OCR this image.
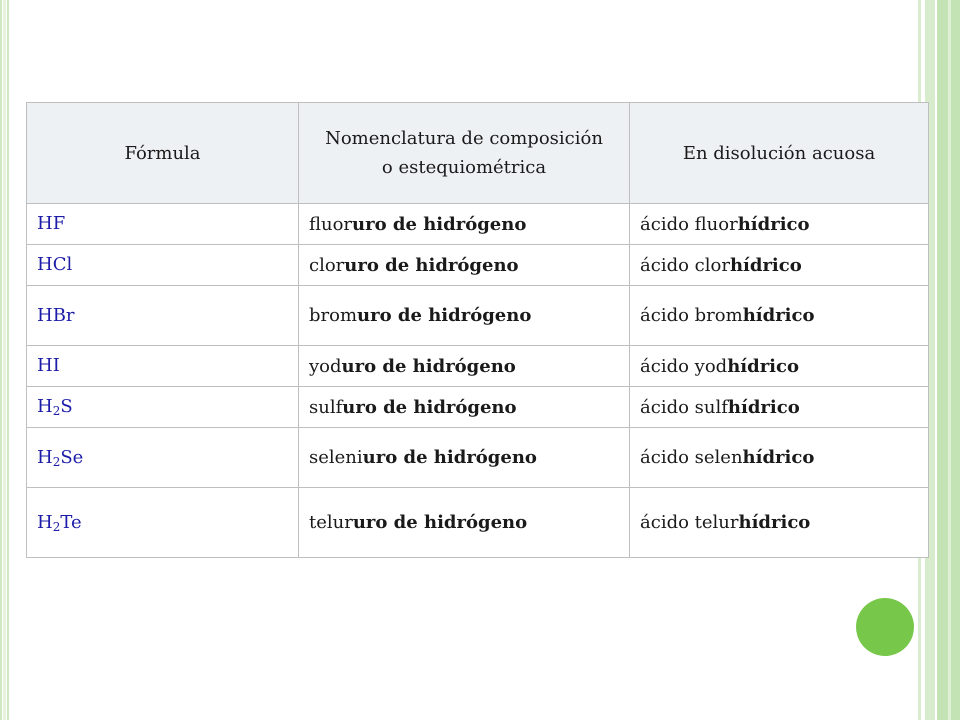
Fórmula	Nomenclatura de composición o estequiométrica	En disolución acuosa
HF	fluoruro de hidrógeno	ácido fluorhídrico
HCl	cloruro de hidrógeno	ácido clorhídrico
HBr	bromuro de hidrógeno	ácido bromhídrico
HI	yoduro de hidrógeno	ácido yodhídrico
$H_2S$	sulfuro de hidrógeno	ácido sulfhídrico
$H_2Se$	seleniuro de hidrógeno	ácido selenhídrico
$H_2Te$	telururo de hidrógeno	ácido telurhídrico
